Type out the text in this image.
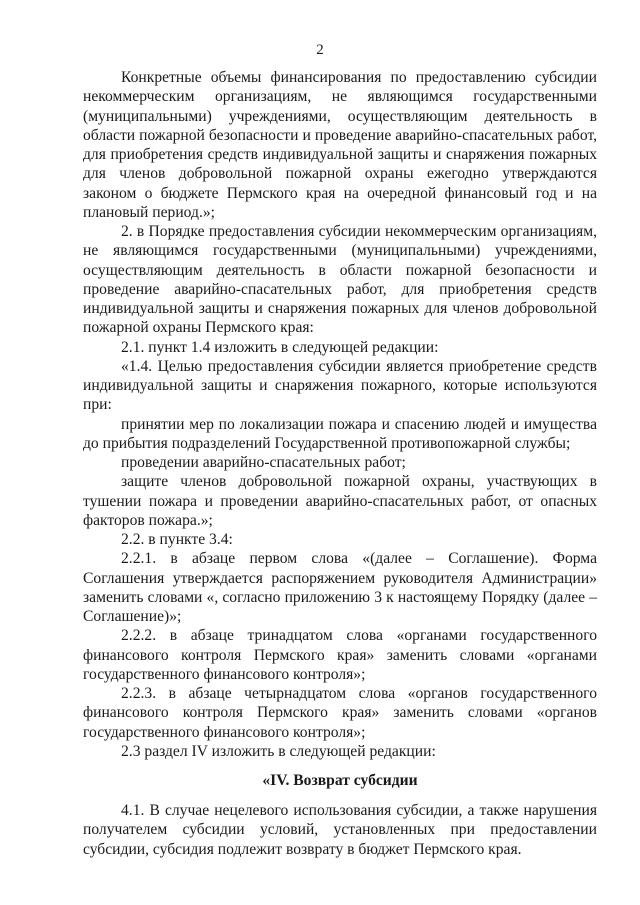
2

Конкретные объемы финансирования по предоставлению субсидии некоммерческим организациям, не являющимся государственными (муниципальными) учреждениями, осуществляющим деятельность в области пожарной безопасности и проведение аварийно-спасательных работ, для приобретения средств индивидуальной защиты и снаряжения пожарных для членов добровольной пожарной охраны ежегодно утверждаются законом о бюджете Пермского края на очередной финансовый год и на плановый период.»;

2. в Порядке предоставления субсидии некоммерческим организациям, не являющимся государственными (муниципальными) учреждениями, осуществляющим деятельность в области пожарной безопасности и проведение аварийно-спасательных работ, для приобретения средств индивидуальной защиты и снаряжения пожарных для членов добровольной пожарной охраны Пермского края:

2.1. пункт 1.4 изложить в следующей редакции:

«1.4. Целью предоставления субсидии является приобретение средств индивидуальной защиты и снаряжения пожарного, которые используются при:

принятии мер по локализации пожара и спасению людей и имущества до прибытия подразделений Государственной противопожарной службы;

проведении аварийно-спасательных работ;

защите членов добровольной пожарной охраны, участвующих в тушении пожара и проведении аварийно-спасательных работ, от опасных факторов пожара.»;

2.2. в пункте 3.4:

2.2.1. в абзаце первом слова «(далее – Соглашение). Форма Соглашения утверждается распоряжением руководителя Администрации» заменить словами «, согласно приложению 3 к настоящему Порядку (далее – Соглашение)»;

2.2.2. в абзаце тринадцатом слова «органами государственного финансового контроля Пермского края» заменить словами «органами государственного финансового контроля»;

2.2.3. в абзаце четырнадцатом слова «органов государственного финансового контроля Пермского края» заменить словами «органов государственного финансового контроля»;

2.3 раздел IV изложить в следующей редакции:

«IV. Возврат субсидии

4.1. В случае нецелевого использования субсидии, а также нарушения получателем субсидии условий, установленных при предоставлении субсидии, субсидия подлежит возврату в бюджет Пермского края.
